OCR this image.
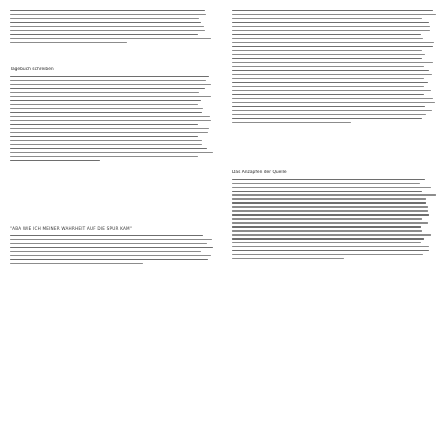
Tagebuch schreiben
"ABA WIE ICH MEINER WAHRHEIT AUF DIE SPUR KAM"
Das Anzapfen der Quelle
